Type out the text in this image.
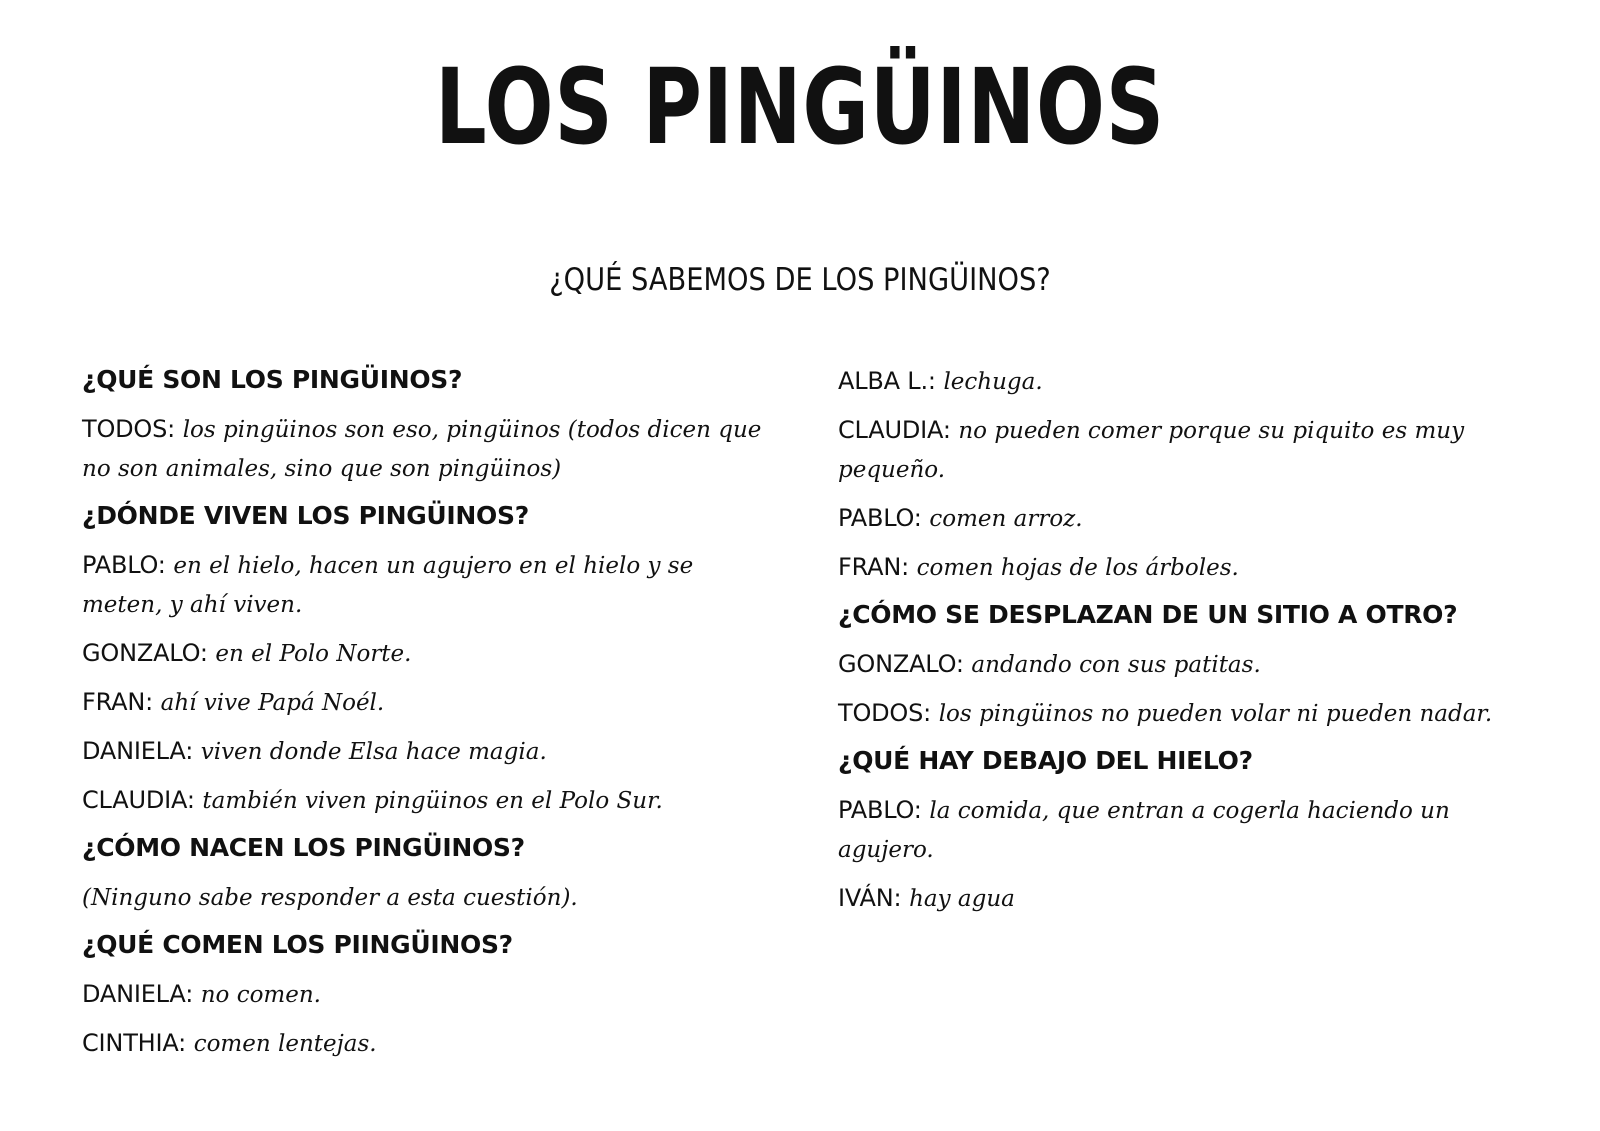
LOS PINGÜINOS
¿QUÉ SABEMOS DE LOS PINGÜINOS?
¿QUÉ SON LOS PINGÜINOS?
TODOS: los pingüinos son eso, pingüinos (todos dicen que no son animales, sino que son pingüinos)
¿DÓNDE VIVEN LOS PINGÜINOS?
PABLO: en el hielo, hacen un agujero en el hielo y se meten, y ahí viven.
GONZALO: en el Polo Norte.
FRAN: ahí vive Papá Noél.
DANIELA: viven donde Elsa hace magia.
CLAUDIA: también viven pingüinos en el Polo Sur.
¿CÓMO NACEN LOS PINGÜINOS?
(Ninguno sabe responder a esta cuestión).
¿QUÉ COMEN LOS PIINGÜINOS?
DANIELA: no comen.
CINTHIA: comen lentejas.
ALBA L.: lechuga.
CLAUDIA: no pueden comer porque su piquito es muy pequeño.
PABLO: comen arroz.
FRAN: comen hojas de los árboles.
¿CÓMO SE DESPLAZAN DE UN SITIO A OTRO?
GONZALO: andando con sus patitas.
TODOS: los pingüinos no pueden volar ni pueden nadar.
¿QUÉ HAY DEBAJO DEL HIELO?
PABLO: la comida, que entran a cogerla haciendo un agujero.
IVÁN: hay agua
